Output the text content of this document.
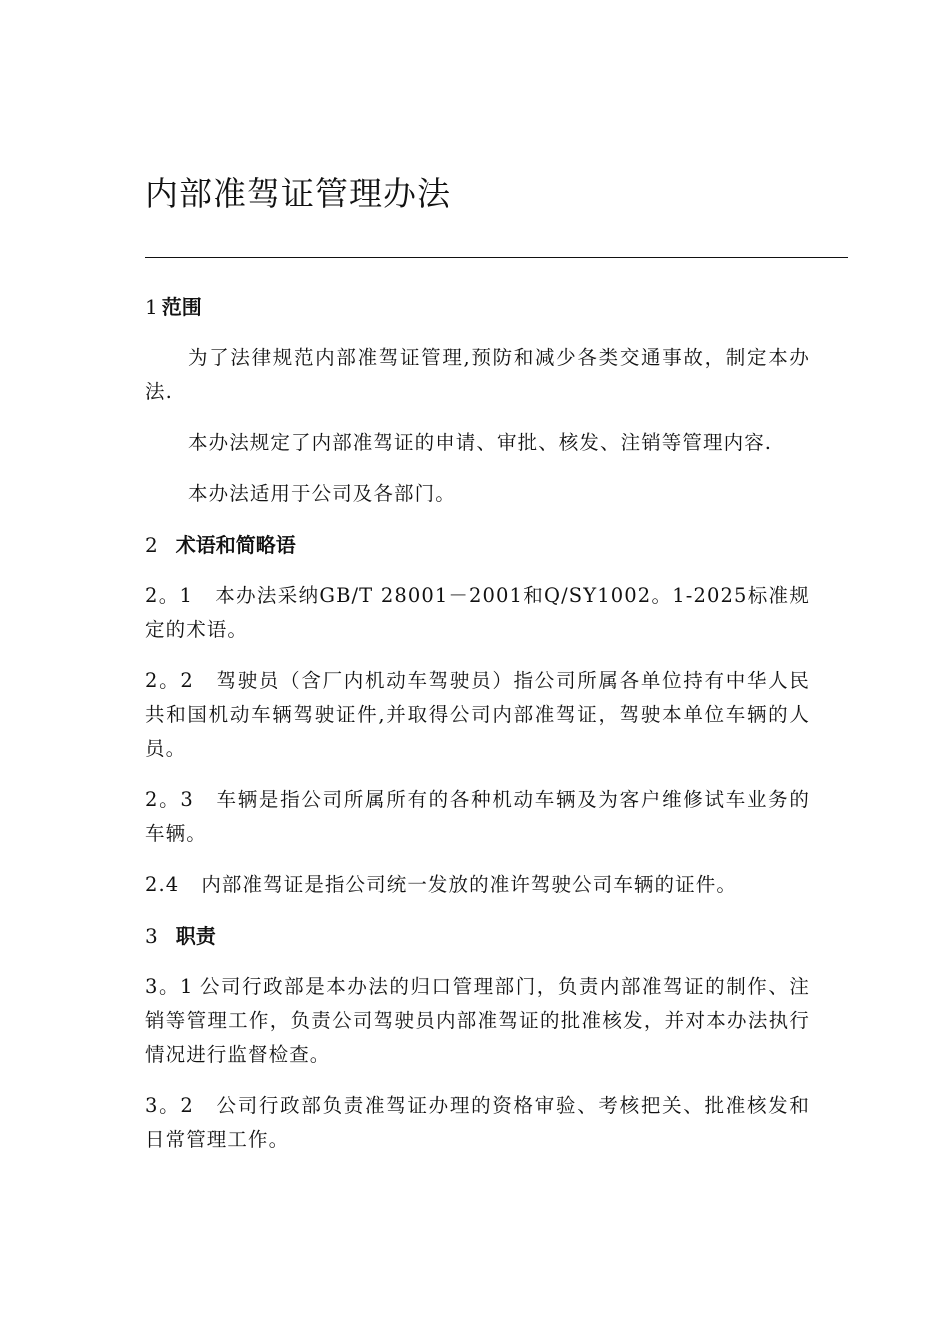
内部准驾证管理办法
1 范围

为了法律规范内部准驾证管理,预防和减少各类交通事故，制定本办法.

本办法规定了内部准驾证的申请、审批、核发、注销等管理内容.

本办法适用于公司及各部门。

2 术语和简略语

2。1 本办法采纳GB/T 28001－2001和Q/SY1002。1-2025标准规定的术语。

2。2 驾驶员（含厂内机动车驾驶员）指公司所属各单位持有中华人民共和国机动车辆驾驶证件,并取得公司内部准驾证，驾驶本单位车辆的人员。

2。3 车辆是指公司所属所有的各种机动车辆及为客户维修试车业务的车辆。

2.4 内部准驾证是指公司统一发放的准许驾驶公司车辆的证件。

3 职责

3。1 公司行政部是本办法的归口管理部门，负责内部准驾证的制作、注销等管理工作，负责公司驾驶员内部准驾证的批准核发，并对本办法执行情况进行监督检查。

3。2 公司行政部负责准驾证办理的资格审验、考核把关、批准核发和日常管理工作。
